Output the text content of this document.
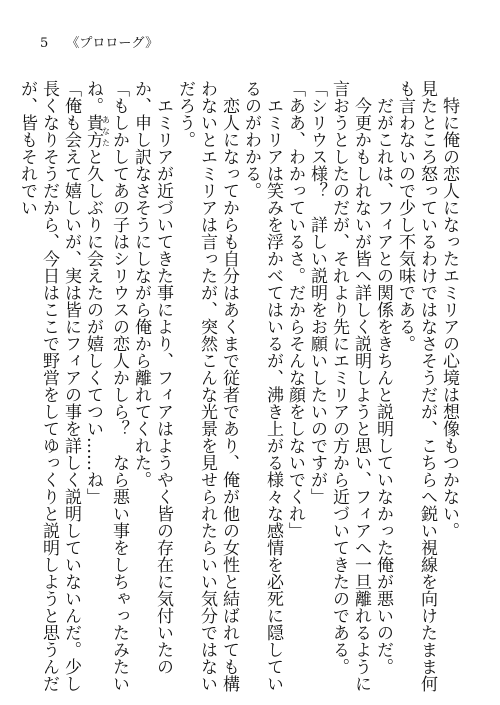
5 《プロローグ》

特に俺の恋人になったエミリアの心境は想像もつかない。

見たところ怒っているわけではなさそうだが、こちらへ鋭い視線を向けたまま何も言わないので少し不気味である。

だがこれは、フィアとの関係をきちんと説明していなかった俺が悪いのだ。

今更かもしれないが皆へ詳しく説明しようと思い、フィアへ一旦離れるように言おうとしたのだが、それより先にエミリアの方から近づいてきたのである。

「シリウス様？　詳しい説明をお願いしたいのですが」

「ああ、わかっているさ。だからそんな顔をしないでくれ」

エミリアは笑みを浮かべてはいるが、沸き上がる様々な感情を必死に隠しているのがわかる。

恋人になってからも自分はあくまで従者であり、俺が他の女性と結ばれても構わないとエミリアは言ったが、突然こんな光景を見せられたらいい気分ではないだろう。

エミリアが近づいてきた事により、フィアはようやく皆の存在に気付いたのか、申し訳なさそうにしながら俺から離れてくれた。

「もしかしてあの子はシリウスの恋人かしら？　なら悪い事をしちゃったみたいね。貴方あなたと久しぶりに会えたのが嬉しくてつい……ね」

「俺も会えて嬉しいが、実は皆にフィアの事を詳しく説明していないんだ。少し長くなりそうだから、今日はここで野営をしてゆっくりと説明しようと思うんだが、皆もそれでい
